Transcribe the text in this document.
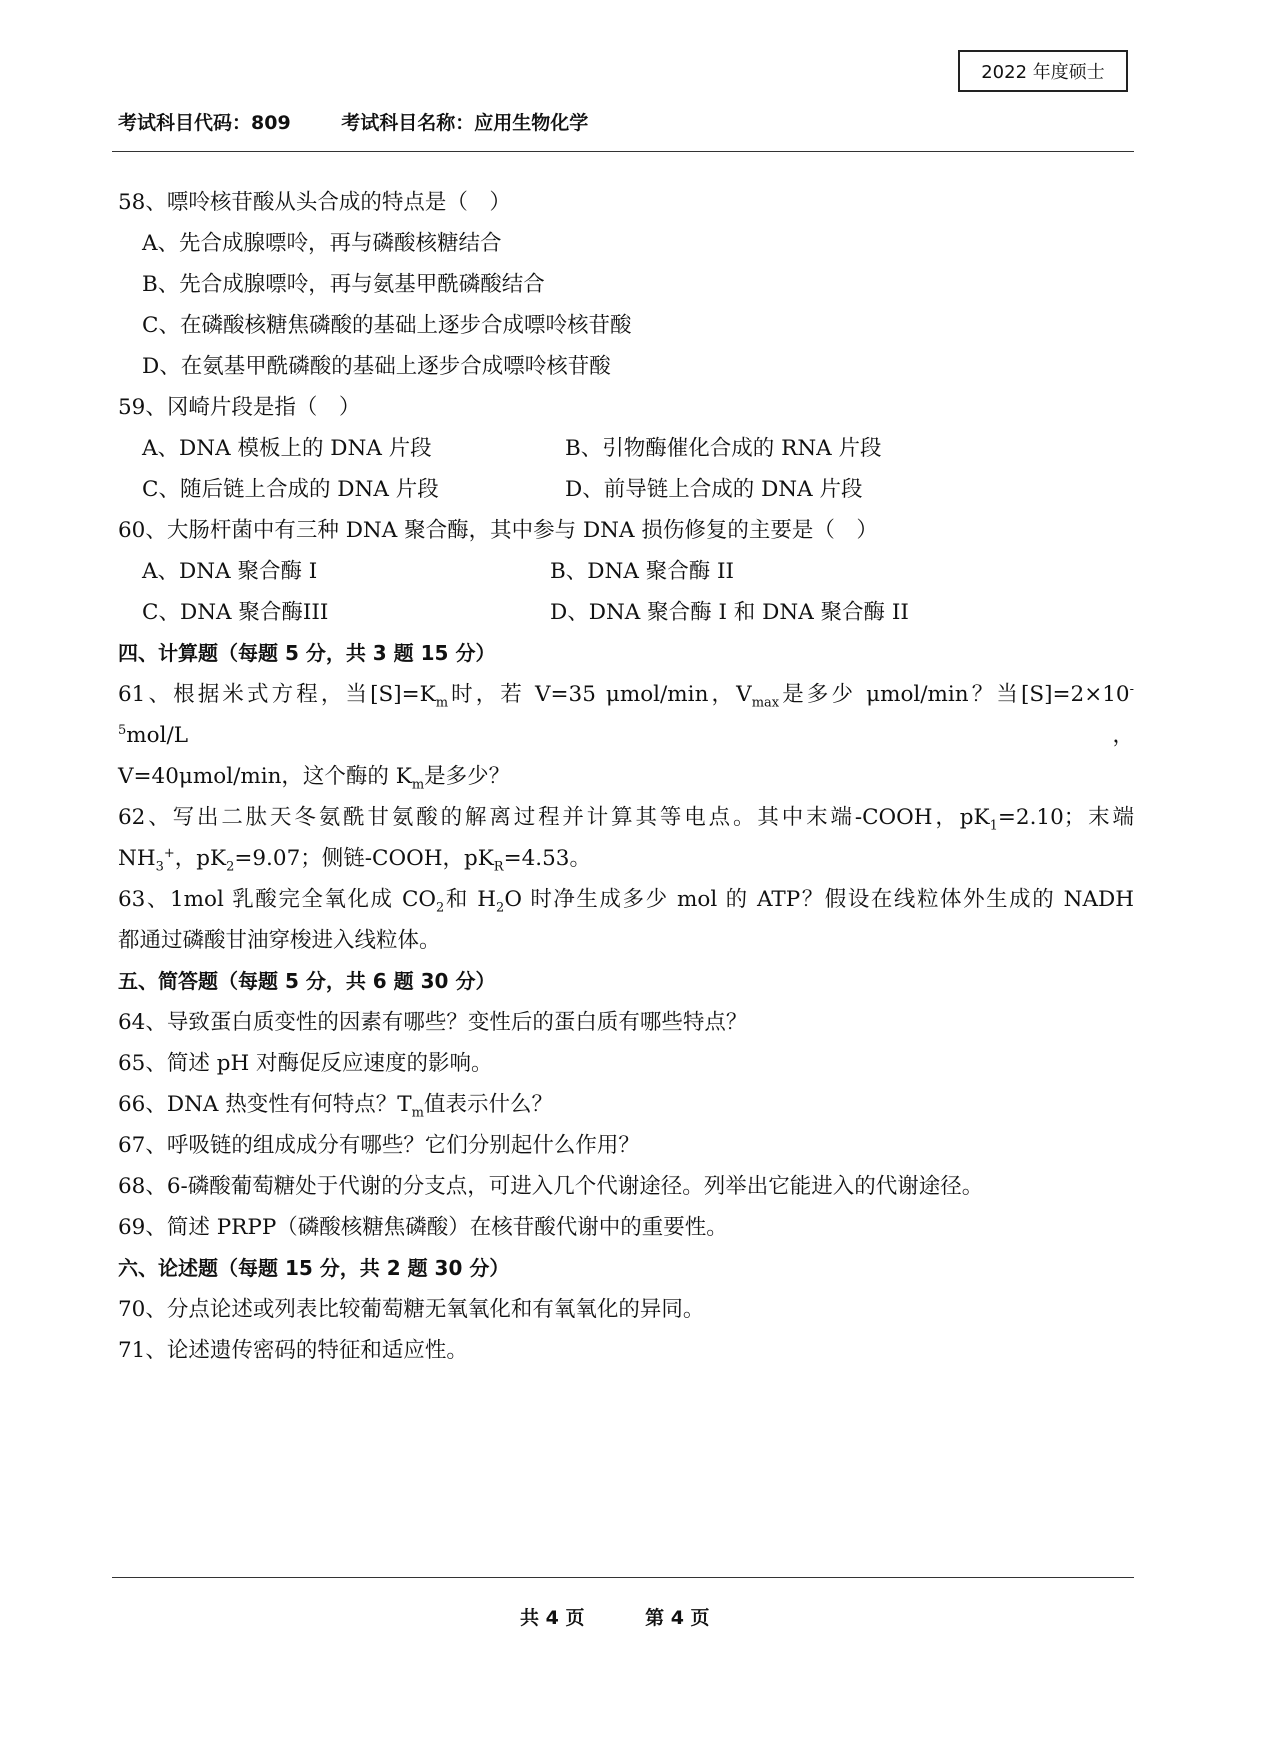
2022 年度硕士
考试科目代码：809	考试科目名称：应用生物化学
58、嘌呤核苷酸从头合成的特点是（　）
A、先合成腺嘌呤，再与磷酸核糖结合
B、先合成腺嘌呤，再与氨基甲酰磷酸结合
C、在磷酸核糖焦磷酸的基础上逐步合成嘌呤核苷酸
D、在氨基甲酰磷酸的基础上逐步合成嘌呤核苷酸
59、冈崎片段是指（　）
A、DNA 模板上的 DNA 片段	B、引物酶催化合成的 RNA 片段
C、随后链上合成的 DNA 片段	D、前导链上合成的 DNA 片段
60、大肠杆菌中有三种 DNA 聚合酶，其中参与 DNA 损伤修复的主要是（　）
A、DNA 聚合酶 I	B、DNA 聚合酶 II
C、DNA 聚合酶III	D、DNA 聚合酶 I 和 DNA 聚合酶 II
四、计算题（每题 5 分，共 3 题 15 分）
61、根据米式方程，当$[S]=K_m$时，若 V=35 μmol/min，$V_{max}$是多少 μmol/min？当$[S]=2\times 10^{-5}mol/L$，
V=40μmol/min，这个酶的 $K_m$是多少？
62、写出二肽天冬氨酰甘氨酸的解离过程并计算其等电点。其中末端-COOH，$pK_1=2.10$；末端
$NH_3^+$，$pK_2=9.07$；侧链-COOH，$pK_R=4.53$。
63、1mol 乳酸完全氧化成 $CO_2$和 $H_2O$ 时净生成多少 mol 的 ATP？假设在线粒体外生成的 NADH
都通过磷酸甘油穿梭进入线粒体。
五、简答题（每题 5 分，共 6 题 30 分）
64、导致蛋白质变性的因素有哪些？变性后的蛋白质有哪些特点？
65、简述 pH 对酶促反应速度的影响。
66、DNA 热变性有何特点？$T_m$值表示什么？
67、呼吸链的组成成分有哪些？它们分别起什么作用？
68、6-磷酸葡萄糖处于代谢的分支点，可进入几个代谢途径。列举出它能进入的代谢途径。
69、简述 PRPP（磷酸核糖焦磷酸）在核苷酸代谢中的重要性。
六、论述题（每题 15 分，共 2 题 30 分）
70、分点论述或列表比较葡萄糖无氧氧化和有氧氧化的异同。
71、论述遗传密码的特征和适应性。
共 4 页	第 4 页
